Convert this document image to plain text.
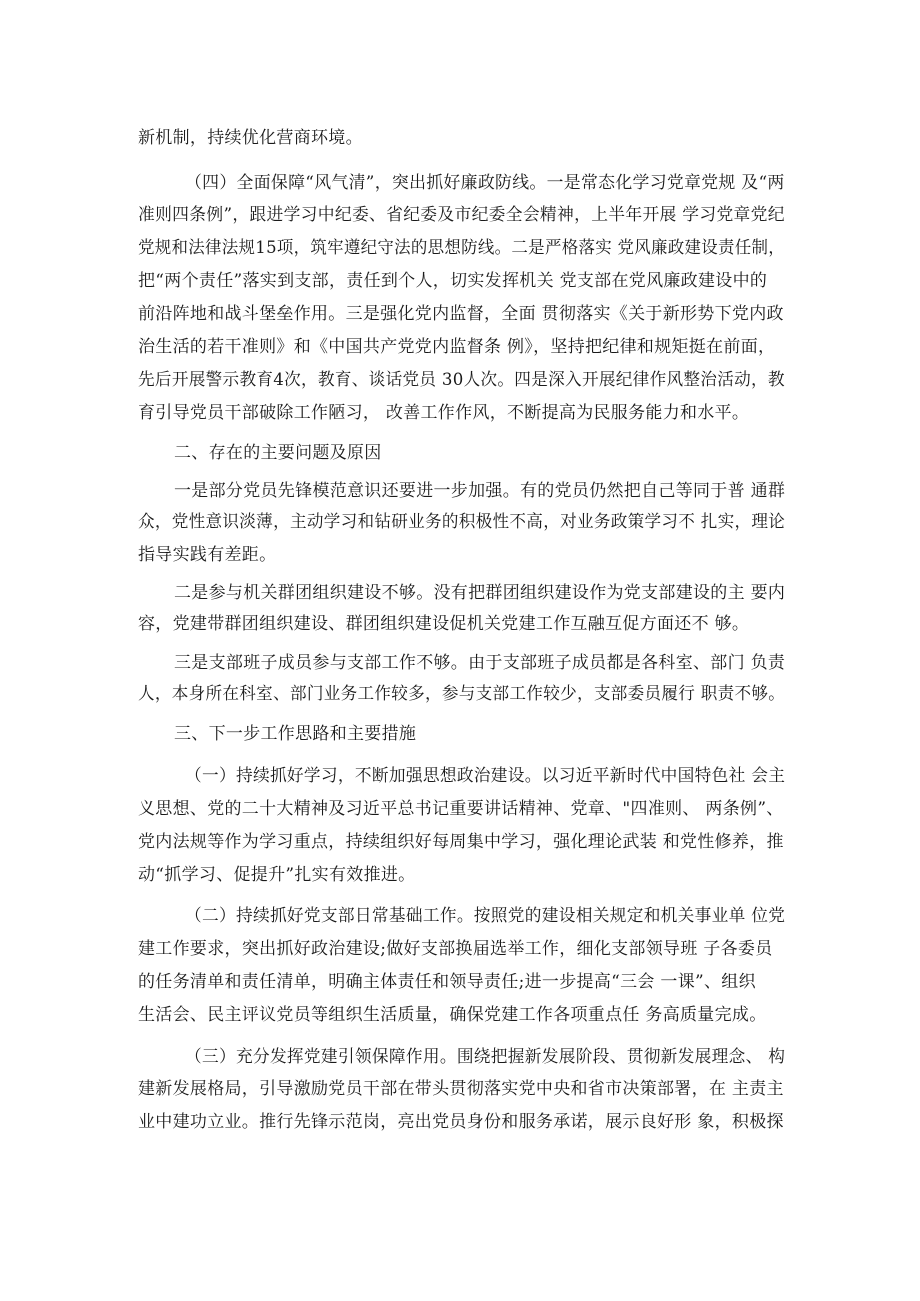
新机制，持续优化营商环境。
（四）全面保障“风气清”，突出抓好廉政防线。一是常态化学习党章党规 及“两
准则四条例”，跟进学习中纪委、省纪委及市纪委全会精神，上半年开展 学习党章党纪
党规和法律法规15项，筑牢遵纪守法的思想防线。二是严格落实 党风廉政建设责任制，
把“两个责任”落实到支部，责任到个人，切实发挥机关 党支部在党风廉政建设中的
前沿阵地和战斗堡垒作用。三是强化党内监督，全面 贯彻落实《关于新形势下党内政
治生活的若干准则》和《中国共产党党内监督条 例》，坚持把纪律和规矩挺在前面，
先后开展警示教育4次，教育、谈话党员 30人次。四是深入开展纪律作风整治活动，教
育引导党员干部破除工作陋习， 改善工作作风，不断提高为民服务能力和水平。
二、存在的主要问题及原因
一是部分党员先锋模范意识还要进一步加强。有的党员仍然把自己等同于普 通群
众，党性意识淡薄，主动学习和钻研业务的积极性不高，对业务政策学习不 扎实，理论
指导实践有差距。
二是参与机关群团组织建设不够。没有把群团组织建设作为党支部建设的主 要内
容，党建带群团组织建设、群团组织建设促机关党建工作互融互促方面还不 够。
三是支部班子成员参与支部工作不够。由于支部班子成员都是各科室、部门 负责
人，本身所在科室、部门业务工作较多，参与支部工作较少，支部委员履行 职责不够。
三、下一步工作思路和主要措施
（一）持续抓好学习，不断加强思想政治建设。以习近平新时代中国特色社 会主
义思想、党的二十大精神及习近平总书记重要讲话精神、党章、"四准则、 两条例”、
党内法规等作为学习重点，持续组织好每周集中学习，强化理论武装 和党性修养，推
动“抓学习、促提升”扎实有效推进。
（二）持续抓好党支部日常基础工作。按照党的建设相关规定和机关事业单 位党
建工作要求，突出抓好政治建设;做好支部换届选举工作，细化支部领导班 子各委员
的任务清单和责任清单，明确主体责任和领导责任;进一步提高“三会 一课”、组织
生活会、民主评议党员等组织生活质量，确保党建工作各项重点任 务高质量完成。
（三）充分发挥党建引领保障作用。围绕把握新发展阶段、贯彻新发展理念、 构
建新发展格局，引导激励党员干部在带头贯彻落实党中央和省市决策部署，在 主责主
业中建功立业。推行先锋示范岗，亮出党员身份和服务承诺，展示良好形 象，积极探
